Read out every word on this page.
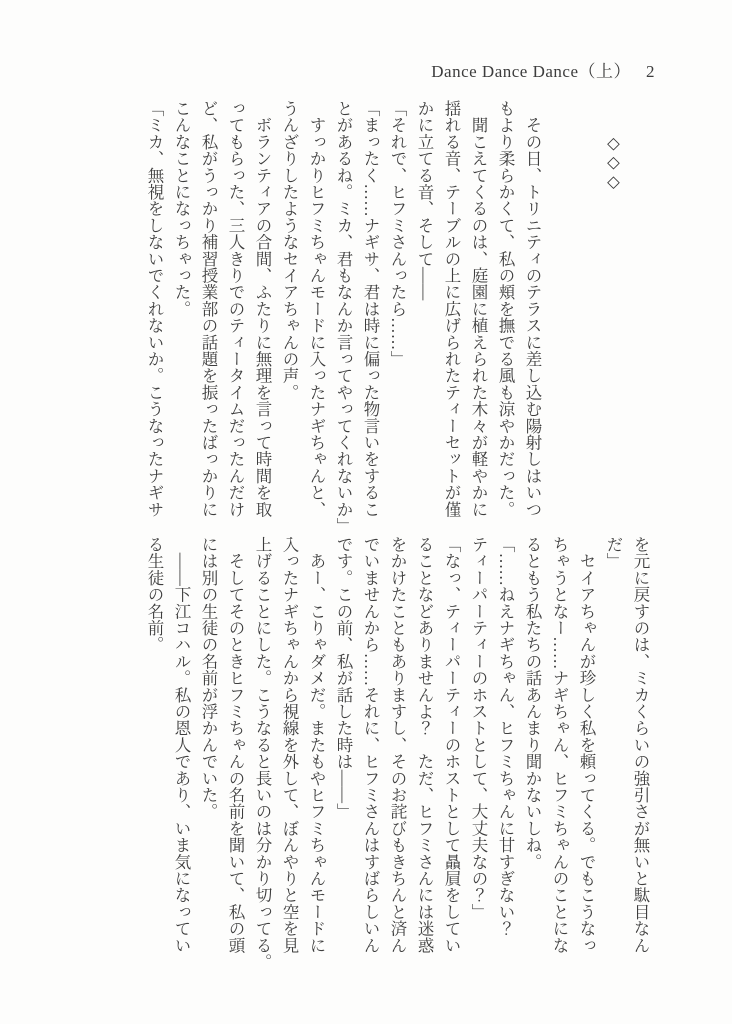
Dance Dance Dance（上） 2
　　◇◇◇
　その日、トリニティのテラスに差し込む陽射しはいつ
もより柔らかくて、私の頬を撫でる風も涼やかだった。
　聞こえてくるのは、庭園に植えられた木々が軽やかに
揺れる音、テーブルの上に広げられたティーセットが僅
かに立てる音、そして――
「それで、ヒフミさんったら……」
「まったく……ナギサ、君は時に偏った物言いをするこ
とがあるね。ミカ、君もなんか言ってやってくれないか」
　すっかりヒフミちゃんモードに入ったナギちゃんと、
うんざりしたようなセイアちゃんの声。
　ボランティアの合間、ふたりに無理を言って時間を取
ってもらった、三人きりでのティータイムだったんだけ
ど、私がうっかり補習授業部の話題を振ったばっかりに
こんなことになっちゃった。
「ミカ、無視をしないでくれないか。こうなったナギサ
を元に戻すのは、ミカくらいの強引さが無いと駄目なん
だ」
　セイアちゃんが珍しく私を頼ってくる。でもこうなっ
ちゃうとなー……ナギちゃん、ヒフミちゃんのことにな
るともう私たちの話あんまり聞かないしね。
「……ねえナギちゃん、ヒフミちゃんに甘すぎない？
ティーパーティーのホストとして、大丈夫なの？」
「なっ、ティーパーティーのホストとして贔屓をしてい
ることなどありませんよ？　ただ、ヒフミさんには迷惑
をかけたこともありますし、そのお詫びもきちんと済ん
でいませんから……それに、ヒフミさんはすばらしいん
です。この前、私が話した時は――」
　あー、こりゃダメだ。またもやヒフミちゃんモードに
入ったナギちゃんから視線を外して、ぼんやりと空を見
上げることにした。こうなると長いのは分かり切ってる。
　そしてそのときヒフミちゃんの名前を聞いて、私の頭
には別の生徒の名前が浮かんでいた。
　――下江コハル。私の恩人であり、いま気になってい
る生徒の名前。
